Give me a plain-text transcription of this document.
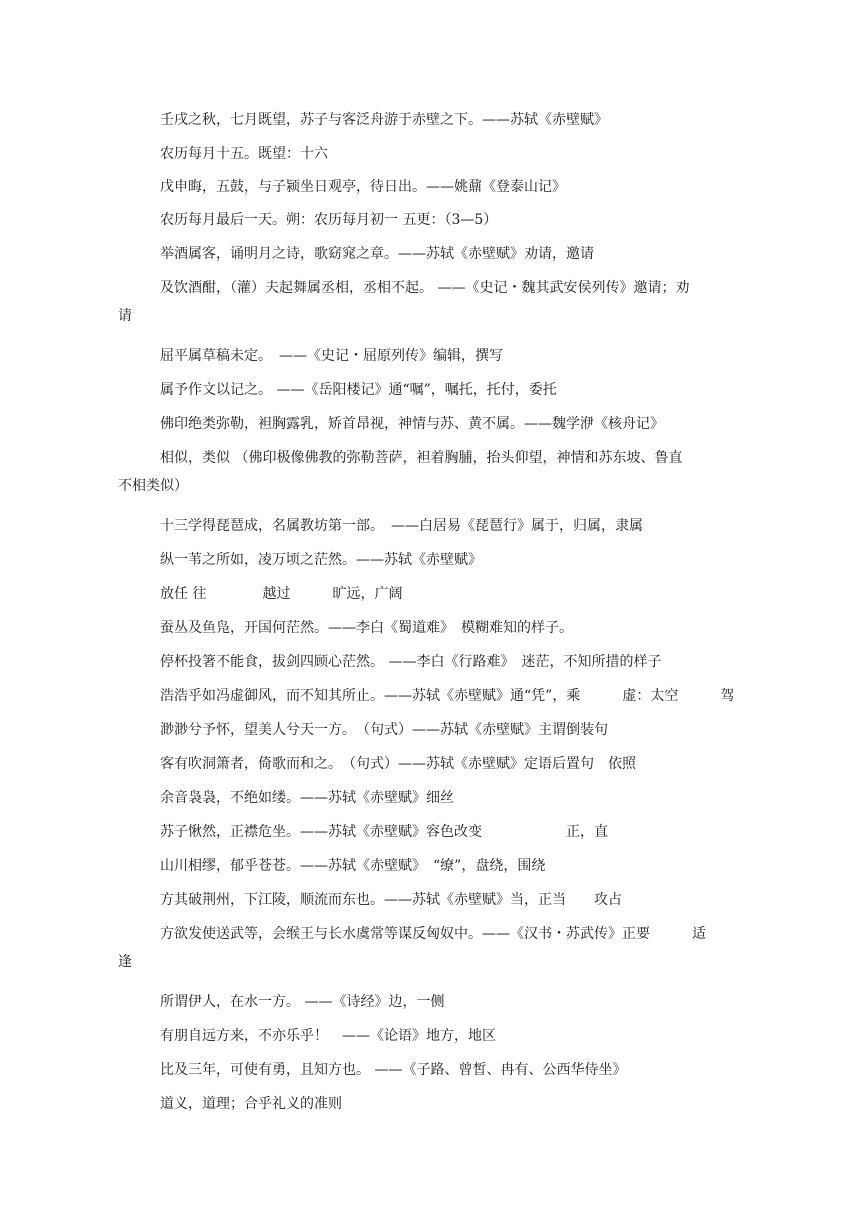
壬戌之秋，七月既望，苏子与客泛舟游于赤壁之下。——苏轼《赤壁赋》
农历每月十五。既望：十六
戊申晦，五鼓，与子颍坐日观亭，待日出。——姚鼐《登泰山记》
农历每月最后一天。朔：农历每月初一 五更：（3—5）
举酒属客，诵明月之诗，歌窈窕之章。——苏轼《赤壁赋》劝请，邀请
及饮酒酣，（灌）夫起舞属丞相，丞相不起。 ——《史记・魏其武安侯列传》邀请；劝
请
屈平属草稿未定。　——《史记・屈原列传》编辑，撰写
属予作文以记之。 ——《岳阳楼记》通“嘱”，嘱托，托付，委托
佛印绝类弥勒，袒胸露乳，矫首昂视，神情与苏、黄不属。——魏学洢《核舟记》
相似，类似 （佛印极像佛教的弥勒菩萨，袒着胸脯，抬头仰望，神情和苏东坡、鲁直
不相类似）
十三学得琵琶成，名属教坊第一部。　——白居易《琵琶行》属于，归属，隶属
纵一苇之所如，凌万顷之茫然。——苏轼《赤壁赋》
放任 往	越过	旷远，广阔
蚕丛及鱼凫，开国何茫然。——李白《蜀道难》　模糊难知的样子。
停杯投箸不能食，拔剑四顾心茫然。 ——李白《行路难》　迷茫，不知所措的样子
浩浩乎如冯虚御风，而不知其所止。——苏轼《赤壁赋》通“凭”，乘	虚：太空	驾
渺渺兮予怀，望美人兮天一方。　（句式）——苏轼《赤壁赋》主谓倒装句
客有吹洞箫者，倚歌而和之。　（句式）——苏轼《赤壁赋》定语后置句 依照
余音袅袅，不绝如缕。——苏轼《赤壁赋》细丝
苏子愀然，正襟危坐。——苏轼《赤壁赋》容色改变	正，直
山川相缪，郁乎苍苍。——苏轼《赤壁赋》　“缭”，盘绕，围绕
方其破荆州，下江陵，顺流而东也。——苏轼《赤壁赋》当，正当 攻占
方欲发使送武等，会缑王与长水虞常等谋反匈奴中。——《汉书・苏武传》正要	适
逢
所谓伊人，在水一方。 ——《诗经》边，一侧
有朋自远方来，不亦乐乎！　——《论语》地方，地区
比及三年，可使有勇，且知方也。 ——《子路、曾皙、冉有、公西华侍坐》
道义，道理；合乎礼义的准则
